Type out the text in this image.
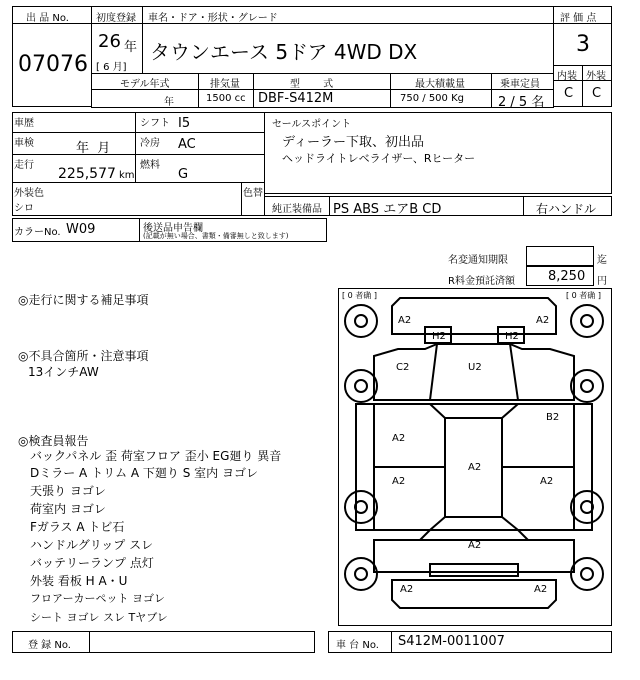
出 品 No.
07076
初度登録
26 年
[ 6 月]
車名・ドア・形状・グレード
タウンエース 5ドア 4WD DX
評 価 点
3
内装 外装
C C
モデル年式
年
排気量
1500 cc
型 式
DBF-S412M
最大積載量
750 / 500 Kg
乗車定員
2 / 5 名
車歴	シフト I5
車検	年  月	冷房 AC
走行
225,577 km
燃料
G
外装色
シロ
色替
セールスポイント
ディーラー下取、初出品
ヘッドライトレベライザー、Rヒーター
純正装備品 PS ABS エアB CD	右ハンドル
カラーNo. W09	後送品申告欄
(記載が無い場合、書類・備審無しと致します)
名変通知期限	迄
R料金預託済額	8,250 円
◎走行に関する補足事項
◎不具合箇所・注意事項
13インチAW
◎検査員報告
バックパネル 歪 荷室フロア 歪小 EG廻り 異音
Dミラー A トリム A 下廻り S 室内 ヨゴレ
天張り ヨゴレ
荷室内 ヨゴレ
Fガラス A トビ石
ハンドルグリップ スレ
バッテリーランプ 点灯
外装 看板 H A・U
フロアーカーペット ヨゴレ
シート ヨゴレ スレ Tヤブレ
[ 0 者确 ]	[ 0 者确 ]
A2	A2
H2	H2
C2	U2
B2
A2
A2
A2	A2
A2
A2	A2
登 録 No.	車 台 No. S412M-0011007
